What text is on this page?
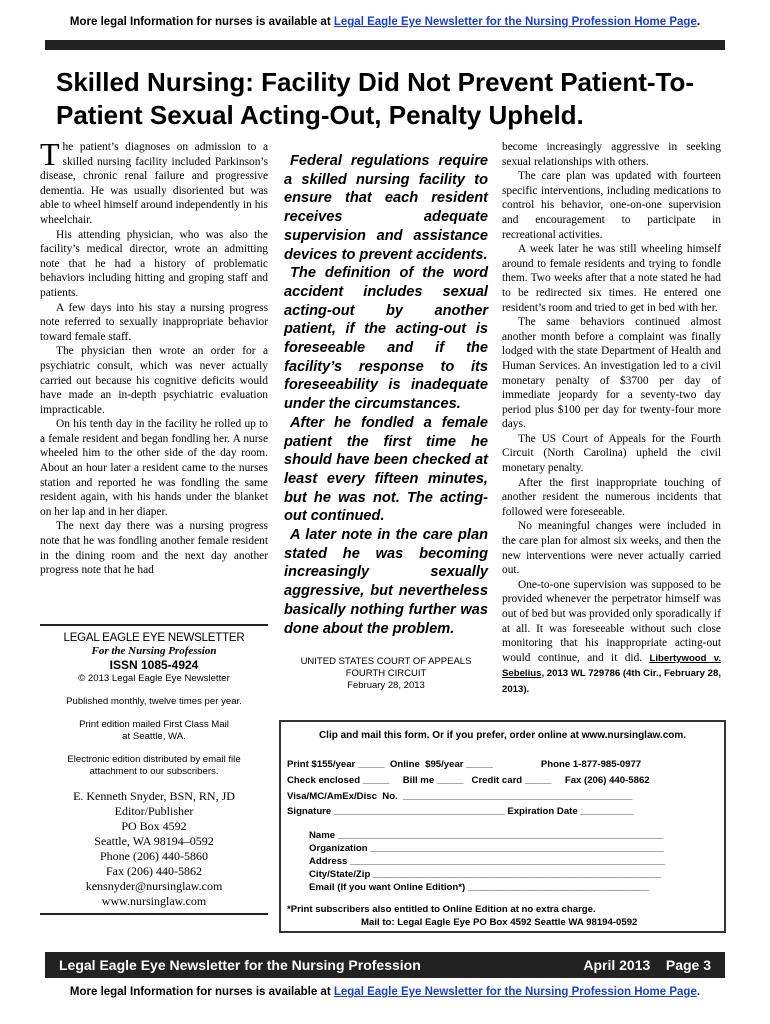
More legal Information for nurses is available at Legal Eagle Eye Newsletter for the Nursing Profession Home Page.
Skilled Nursing: Facility Did Not Prevent Patient-To-Patient Sexual Acting-Out, Penalty Upheld.

The patient’s diagnoses on admission to a skilled nursing facility included Parkinson’s disease, chronic renal failure and progressive dementia. He was usually disoriented but was able to wheel himself around independently in his wheelchair.

His attending physician, who was also the facility’s medical director, wrote an admitting note that he had a history of problematic behaviors including hitting and groping staff and patients.

A few days into his stay a nursing progress note referred to sexually inappropriate behavior toward female staff.

The physician then wrote an order for a psychiatric consult, which was never actually carried out because his cognitive deficits would have made an in-depth psychiatric evaluation impracticable.

On his tenth day in the facility he rolled up to a female resident and began fondling her. A nurse wheeled him to the other side of the day room. About an hour later a resident came to the nurses station and reported he was fondling the same resident again, with his hands under the blanket on her lap and in her diaper.

The next day there was a nursing progress note that he was fondling another female resident in the dining room and the next day another progress note that he had

Federal regulations require a skilled nursing facility to ensure that each resident receives adequate supervision and assistance devices to prevent accidents.

The definition of the word accident includes sexual acting-out by another patient, if the acting-out is foreseeable and if the facility’s response to its foreseeability is inadequate under the circumstances.

After he fondled a female patient the first time he should have been checked at least every fifteen minutes, but he was not. The acting-out continued.

A later note in the care plan stated he was becoming increasingly sexually aggressive, but nevertheless basically nothing further was done about the problem.

UNITED STATES COURT OF APPEALS
FOURTH CIRCUIT
February 28, 2013

become increasingly aggressive in seeking sexual relationships with others.

The care plan was updated with fourteen specific interventions, including medications to control his behavior, one-on-one supervision and encouragement to participate in recreational activities.

A week later he was still wheeling himself around to female residents and trying to fondle them. Two weeks after that a note stated he had to be redirected six times. He entered one resident’s room and tried to get in bed with her.

The same behaviors continued almost another month before a complaint was finally lodged with the state Department of Health and Human Services. An investigation led to a civil monetary penalty of $3700 per day of immediate jeopardy for a seventy-two day period plus $100 per day for twenty-four more days.

The US Court of Appeals for the Fourth Circuit (North Carolina) upheld the civil monetary penalty.

After the first inappropriate touching of another resident the numerous incidents that followed were foreseeable.

No meaningful changes were included in the care plan for almost six weeks, and then the new interventions were never actually carried out.

One-to-one supervision was supposed to be provided whenever the perpetrator himself was out of bed but was provided only sporadically if at all. It was foreseeable without such close monitoring that his inappropriate acting-out would continue, and it did. Libertywood v. Sebelius, 2013 WL 729786 (4th Cir., February 28, 2013).

LEGAL EAGLE EYE NEWSLETTER
For the Nursing Profession
ISSN 1085-4924
© 2013 Legal Eagle Eye Newsletter
Published monthly, twelve times per year.
Print edition mailed First Class Mail
at Seattle, WA.
Electronic edition distributed by email file
attachment to our subscribers.
E. Kenneth Snyder, BSN, RN, JD
Editor/Publisher
PO Box 4592
Seattle, WA 98194–0592
Phone (206) 440-5860
Fax (206) 440-5862
kensnyder@nursinglaw.com
www.nursinglaw.com
Clip and mail this form. Or if you prefer, order online at www.nursinglaw.com.
Print $155/year _____  Online  $95/year _____                  Phone 1-877-985-0977
Check enclosed _____     Bill me _____   Credit card _____     Fax (206) 440-5862
Visa/MC/AmEx/Disc  No.  ___________________________________________
Signature ________________________________ Expiration Date __________
Name _____________________________________________________________
Organization _______________________________________________________
Address ___________________________________________________________
City/State/Zip ______________________________________________________
Email (If you want Online Edition*) __________________________________
*Print subscribers also entitled to Online Edition at no extra charge.
Mail to: Legal Eagle Eye PO Box 4592 Seattle WA 98194-0592
Legal Eagle Eye Newsletter for the Nursing Profession	April 2013 Page 3
More legal Information for nurses is available at Legal Eagle Eye Newsletter for the Nursing Profession Home Page.
